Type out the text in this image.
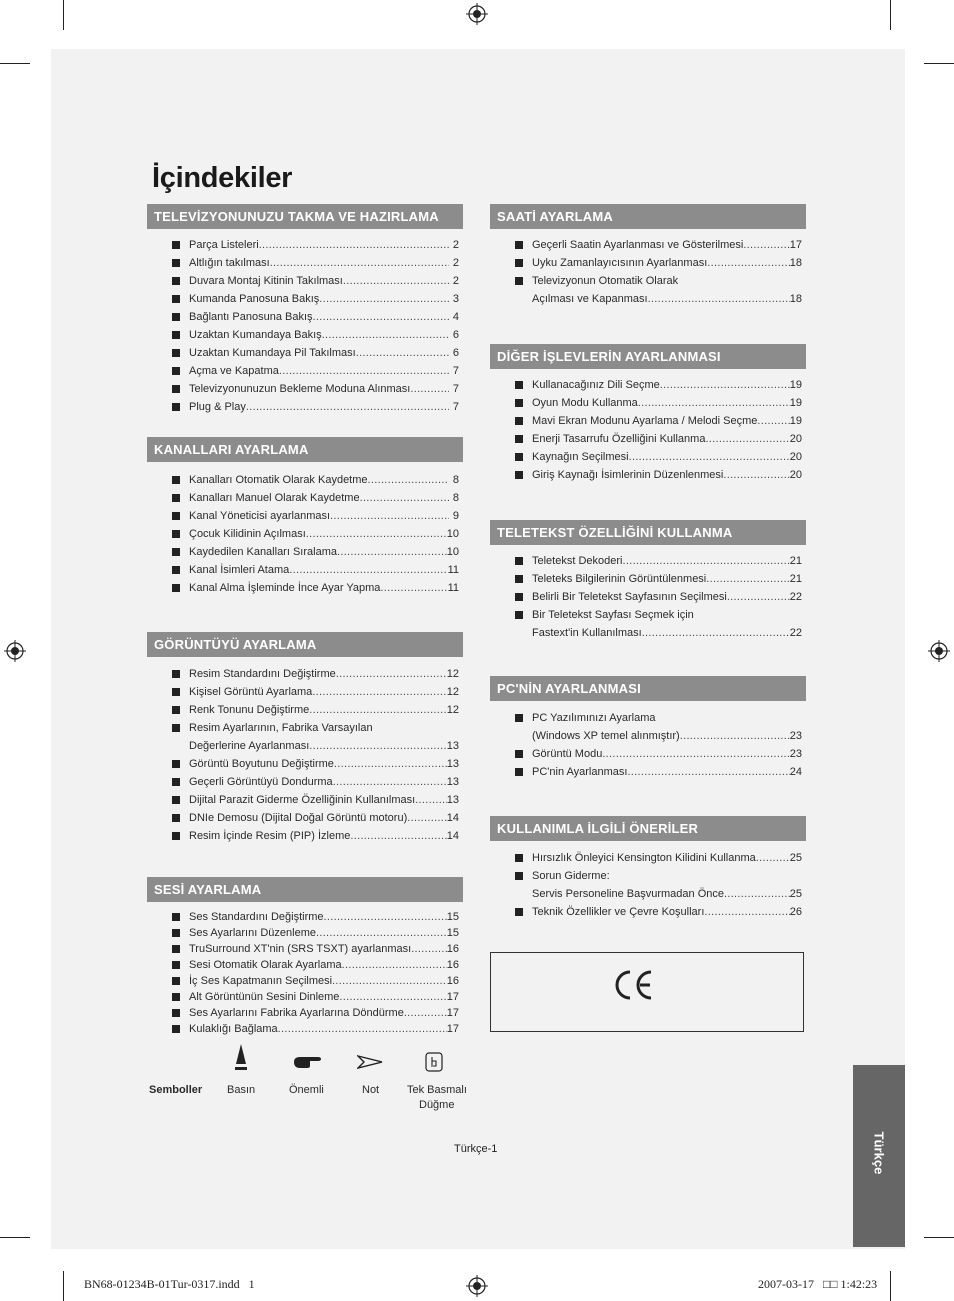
İçindekiler
TELEVİZYONUNUZU TAKMA VE HAZIRLAMA
Parça Listeleri .....	2
Altlığın takılması .....	2
Duvara Montaj Kitinin Takılması .....	2
Kumanda Panosuna Bakış .....	3
Bağlantı Panosuna Bakış .....	4
Uzaktan Kumandaya Bakış .....	6
Uzaktan Kumandaya Pil Takılması .....	6
Açma ve Kapatma .....	7
Televizyonunuzun Bekleme Moduna Alınması .....	7
Plug & Play .....	7
KANALLARI AYARLAMA
Kanalları Otomatik Olarak Kaydetme .....	8
Kanalları Manuel Olarak Kaydetme .....	8
Kanal Yöneticisi ayarlanması .....	9
Çocuk Kilidinin Açılması .....	10
Kaydedilen Kanalları Sıralama .....	10
Kanal İsimleri Atama .....	11
Kanal Alma İşleminde İnce Ayar Yapma .....	11
GÖRÜNTÜYÜ AYARLAMA
Resim Standardını Değiştirme .....	12
Kişisel Görüntü Ayarlama .....	12
Renk Tonunu Değiştirme .....	12
Resim Ayarlarının, Fabrika Varsayılan
Değerlerine Ayarlanması .....	13
Görüntü Boyutunu Değiştirme .....	13
Geçerli Görüntüyü Dondurma .....	13
Dijital Parazit Giderme Özelliğinin Kullanılması .....	13
DNIe Demosu (Dijital Doğal Görüntü motoru) .....	14
Resim İçinde Resim (PIP) İzleme .....	14
SESİ AYARLAMA
Ses Standardını Değiştirme .....	15
Ses Ayarlarını Düzenleme .....	15
TruSurround XT'nin (SRS TSXT) ayarlanması .....	16
Sesi Otomatik Olarak Ayarlama .....	16
İç Ses Kapatmanın Seçilmesi .....	16
Alt Görüntünün Sesini Dinleme .....	17
Ses Ayarlarını Fabrika Ayarlarına Döndürme .....	17
Kulaklığı Bağlama .....	17
SAATİ AYARLAMA
Geçerli Saatin Ayarlanması ve Gösterilmesi .....	17
Uyku Zamanlayıcısının Ayarlanması .....	18
Televizyonun Otomatik Olarak
Açılması ve Kapanması .....	18
DİĞER İŞLEVLERİN AYARLANMASI
Kullanacağınız Dili Seçme .....	19
Oyun Modu Kullanma .....	19
Mavi Ekran Modunu Ayarlama / Melodi Seçme .....	19
Enerji Tasarrufu Özelliğini Kullanma .....	20
Kaynağın Seçilmesi .....	20
Giriş Kaynağı İsimlerinin Düzenlenmesi .....	20
TELETEKST ÖZELLİĞİNİ KULLANMA
Teletekst Dekoderi .....	21
Teleteks Bilgilerinin Görüntülenmesi .....	21
Belirli Bir Teletekst Sayfasının Seçilmesi .....	22
Bir Teletekst Sayfası Seçmek için
Fastext'in Kullanılması .....	22
PC'NİN AYARLANMASI
PC Yazılımınızı Ayarlama
(Windows XP temel alınmıştır) .....	23
Görüntü Modu .....	23
PC'nin Ayarlanması .....	24
KULLANIMLA İLGİLİ ÖNERİLER
Hırsızlık Önleyici Kensington Kilidini Kullanma .....	25
Sorun Giderme:
Servis Personeline Başvurmadan Önce .....	25
Teknik Özellikler ve Çevre Koşulları .....	26
Semboller Basın	Önemli	Not	Tek Basmalı
Düğme
Türkçe-1	Türkçe
BN68-01234B-01Tur-0317.indd   1	2007-03-17   □□ 1:42:23
